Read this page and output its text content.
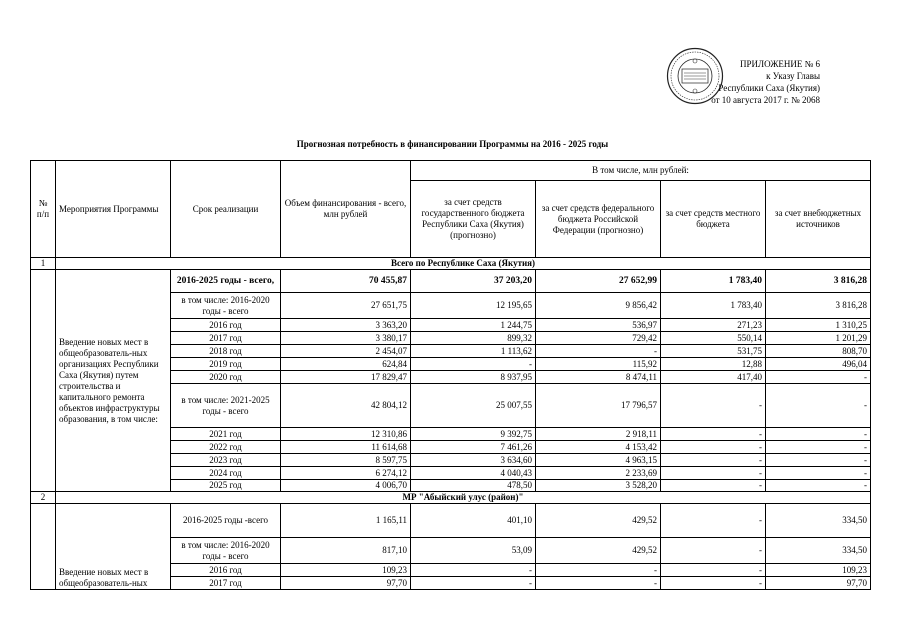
ПРИЛОЖЕНИЕ № 6
к Указу Главы
Республики Саха (Якутия)
от 10 августа 2017 г. № 2068
Прогнозная потребность в финансировании Программы на 2016 - 2025 годы
№ п/п	Мероприятия Программы	Срок реализации	Объем финансирования - всего, млн рублей	В том числе, млн рублей:			
				за счет средств государственного бюджета Республики Саха (Якутия) (прогнозно)	за счет средств федерального бюджета Российской Федерации (прогнозно)	за счет средств местного бюджета	за счет внебюджетных источников
1	Всего по Республике Саха (Якутия)						
	Введение новых мест в общеобразователь-ных организациях Республики Саха (Якутия) путем строительства и капитального ремонта объектов инфраструктуры образования, в том числе:	2016-2025 годы - всего,	70 455,87	37 203,20	27 652,99	1 783,40	3 816,28
		в том числе: 2016-2020 годы - всего	27 651,75	12 195,65	9 856,42	1 783,40	3 816,28
		2016 год	3 363,20	1 244,75	536,97	271,23	1 310,25
		2017 год	3 380,17	899,32	729,42	550,14	1 201,29
		2018 год	2 454,07	1 113,62	-	531,75	808,70
		2019 год	624,84	-	115,92	12,88	496,04
		2020 год	17 829,47	8 937,95	8 474,11	417,40	-
		в том числе: 2021-2025 годы - всего	42 804,12	25 007,55	17 796,57	-	-
		2021 год	12 310,86	9 392,75	2 918,11	-	-
		2022 год	11 614,68	7 461,26	4 153,42	-	-
		2023 год	8 597,75	3 634,60	4 963,15	-	-
		2024 год	6 274,12	4 040,43	2 233,69	-	-
		2025 год	4 006,70	478,50	3 528,20	-	-
2	МР "Абыйский улус (район)"						
	Введение новых мест в общеобразователь-ных	2016-2025 годы -всего	1 165,11	401,10	429,52	-	334,50
		в том числе: 2016-2020 годы - всего	817,10	53,09	429,52	-	334,50
		2016 год	109,23	-	-	-	109,23
		2017 год	97,70	-	-	-	97,70
